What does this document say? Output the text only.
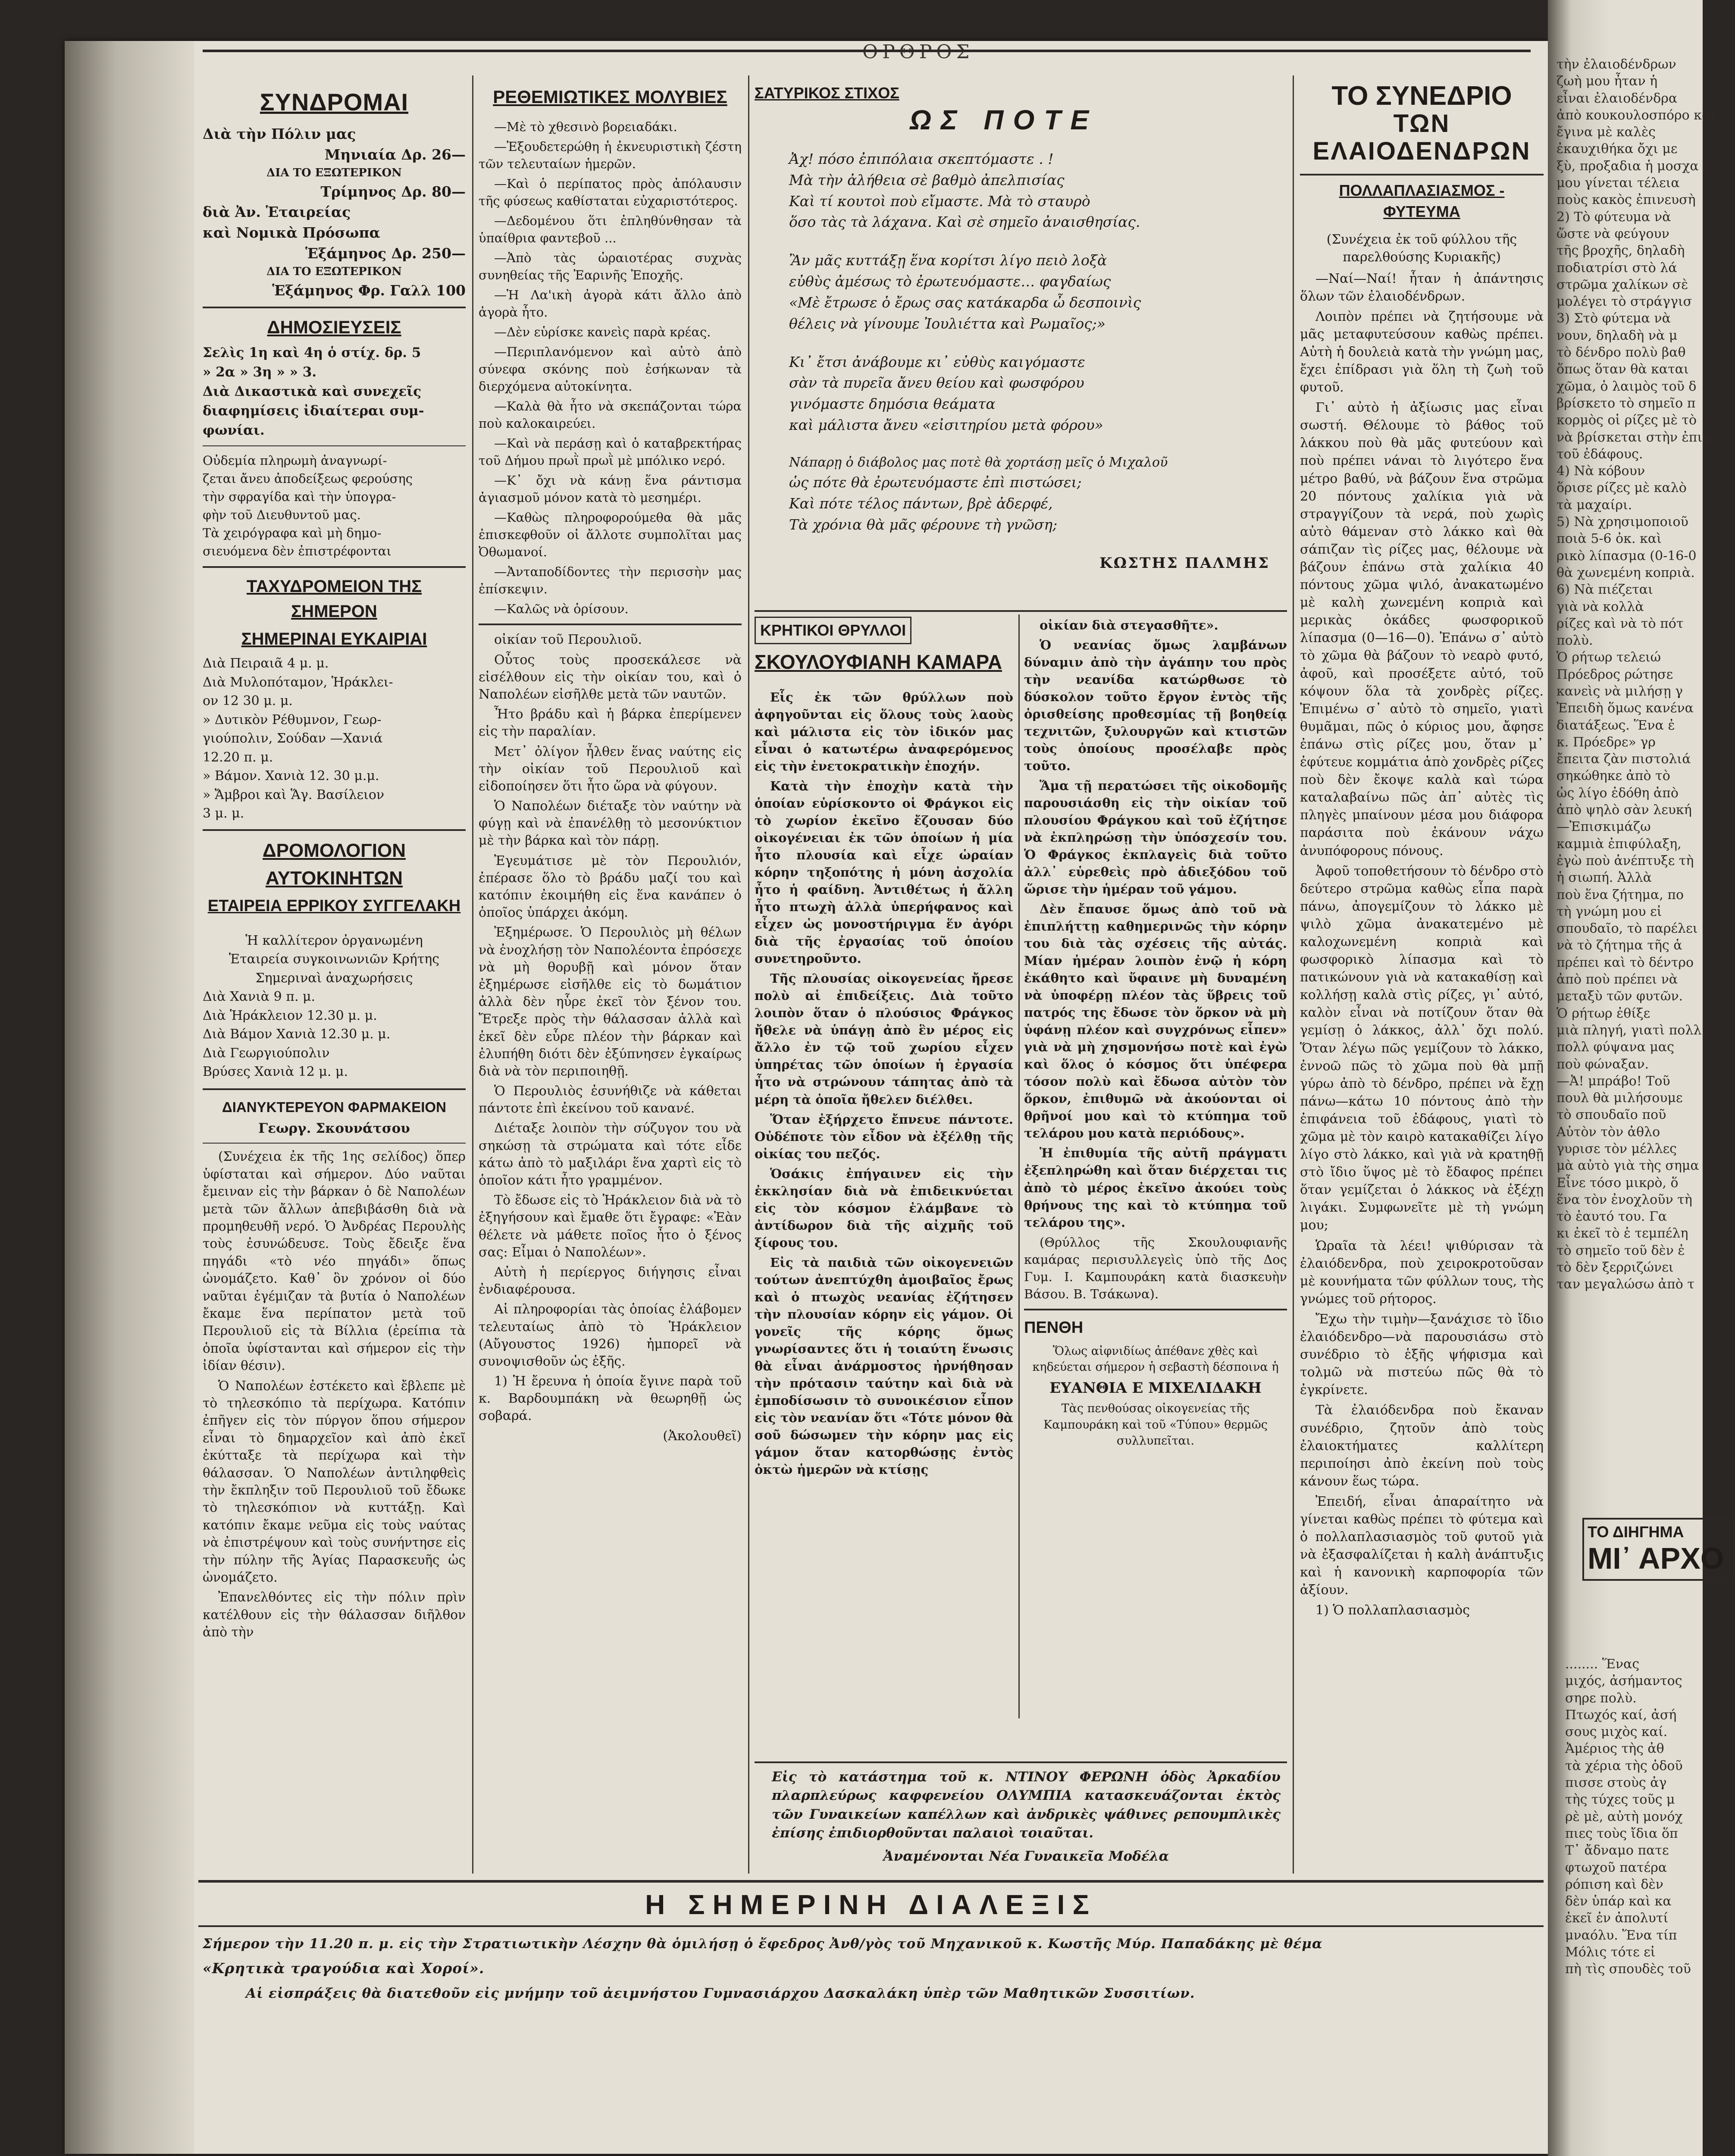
ΣΥΝΔΡΟΜΑΙ
Διὰ τὴν Πόλιν μας
Μηνιαία Δρ. 26—
ΔΙΑ ΤΟ ΕΞΩΤΕΡΙΚΟΝ
Τρίμηνος Δρ. 80—
διὰ Ἀν. Ἑταιρείας
καὶ Νομικὰ Πρόσωπα
Ἑξάμηνος Δρ. 250—
ΔΙΑ ΤΟ ΕΞΩΤΕΡΙΚΟΝ
Ἑξάμηνος Φρ. Γαλλ 100
ΔΗΜΟΣΙΕΥΣΕΙΣ
Σελὶς 1η καὶ 4η ὁ στίχ. δρ. 5
» 2α » 3η » » 3.
Διὰ Δικαστικὰ καὶ συνεχεῖς
διαφημίσεις ἰδιαίτεραι συμ-
φωνίαι.
Οὐδεμία πληρωμὴ ἀναγνωρί-
ζεται ἄνευ ἀποδείξεως φερούσης
τὴν σφραγίδα καὶ τὴν ὑπογρα-
φὴν τοῦ Διευθυντοῦ μας.
Τὰ χειρόγραφα καὶ μὴ δημο-
σιευόμενα δὲν ἐπιστρέφονται
ΤΑΧΥΔΡΟΜΕΙΟΝ ΤΗΣ ΣΗΜΕΡΟΝ
ΣΗΜΕΡΙΝΑΙ ΕΥΚΑΙΡΙΑΙ
Διὰ Πειραιᾶ 4 μ. μ.
Διὰ Μυλοπόταμον, Ἡράκλει-
ον 12 30 μ. μ.
» Δυτικὸν Ρέθυμνον, Γεωρ-
γιούπολιν, Σούδαν —Χανιά
12.20 π. μ.
» Βάμον. Χανιὰ 12. 30 μ.μ.
» Ἄμβροι καὶ Ἅγ. Βασίλειον
3 μ. μ.
ΔΡΟΜΟΛΟΓΙΟΝ ΑΥΤΟΚΙΝΗΤΩΝ
ΕΤΑΙΡΕΙΑ ΕΡΡΙΚΟΥ ΣΥΓΓΕΛΑΚΗ
Ἡ καλλίτερον ὀργανωμένη
Ἑταιρεία συγκοινωνιῶν Κρήτης
Σημεριναὶ ἀναχωρήσεις
Διὰ Χανιὰ 9 π. μ.
Διὰ Ἡράκλειον 12.30 μ. μ.
Διὰ Βάμον Χανιὰ 12.30 μ. μ.
Διὰ Γεωργιούπολιν
Βρύσες Χανιὰ 12 μ. μ.
ΔΙΑΝΥΚΤΕΡΕΥΟΝ ΦΑΡΜΑΚΕΙΟΝ
Γεωργ. Σκουνάτσου

(Συνέχεια ἐκ τῆς 1ης σελίδος) ὅπερ ὑφίσταται καὶ σήμερον. Δύο ναῦται ἔμειναν εἰς τὴν βάρκαν ὁ δὲ Ναπολέων μετὰ τῶν ἄλλων ἀπεβιβάσθη διὰ νὰ προμηθευθῆ νερό. Ὁ Ἀνδρέας Περουλὴς τοὺς ἐσυνώδευσε. Τοὺς ἔδειξε ἕνα πηγάδι «τὸ νέο πηγάδι» ὅπως ὠνομάζετο. Καθ᾽ ὃν χρόνον οἱ δύο ναῦται ἐγέμιζαν τὰ βυτία ὁ Ναπολέων ἔκαμε ἕνα περίπατον μετὰ τοῦ Περουλιοῦ εἰς τὰ Βίλλια (ἐρείπια τὰ ὁποῖα ὑφίστανται καὶ σήμερον εἰς τὴν ἰδίαν θέσιν).

Ὁ Ναπολέων ἐστέκετο καὶ ἔβλεπε μὲ τὸ τηλεσκόπιο τὰ περίχωρα. Κατόπιν ἐπῆγεν εἰς τὸν πύργον ὅπου σήμερον εἶναι τὸ δημαρχεῖον καὶ ἀπὸ ἐκεῖ ἐκύτταξε τὰ περίχωρα καὶ τὴν θάλασσαν. Ὁ Ναπολέων ἀντιληφθεὶς τὴν ἔκπληξιν τοῦ Περουλιοῦ τοῦ ἔδωκε τὸ τηλεσκόπιον νὰ κυττάξῃ. Καὶ κατόπιν ἔκαμε νεῦμα εἰς τοὺς ναύτας νὰ ἐπιστρέψουν καὶ τοὺς συνήντησε εἰς τὴν πύλην τῆς Ἁγίας Παρασκευῆς ὡς ὠνομάζετο.

Ἐπανελθόντες εἰς τὴν πόλιν πρὶν κατέλθουν εἰς τὴν θάλασσαν διῆλθον ἀπὸ τὴν

ΡΕΘΕΜΙΩΤΙΚΕΣ ΜΟΛΥΒΙΕΣ

—Μὲ τὸ χθεσινὸ βορειαδάκι.

—Ἐξουδετερώθη ἡ ἐκνευριστικὴ ζέστη τῶν τελευταίων ἡμερῶν.

—Καὶ ὁ περίπατος πρὸς ἀπόλαυσιν τῆς φύσεως καθίσταται εὐχαριστότερος.

—Δεδομένου ὅτι ἐπληθύνθησαν τὰ ὑπαίθρια φαντεβοῦ ...

—Ἀπὸ τὰς ὡραιοτέρας συχνὰς συνηθείας τῆς Ἐαρινῆς Ἐποχῆς.

—Ἡ Λα'ικὴ ἀγορὰ κάτι ἄλλο ἀπὸ ἀγορὰ ἦτο.

—Δὲν εὑρίσκε κανεὶς παρὰ κρέας.

—Περιπλανόμενον καὶ αὐτὸ ἀπὸ σύνεφα σκόνης ποὺ ἐσήκωναν τὰ διερχόμενα αὐτοκίνητα.

—Καλὰ θὰ ἦτο νὰ σκεπάζονται τώρα ποὺ καλοκαιρεύει.

—Καὶ νὰ περάσῃ καὶ ὁ καταβρεκτήρας τοῦ Δήμου πρωῒ πρωῒ μὲ μπόλικο νερό.

—Κ᾽ ὄχι νὰ κάνῃ ἕνα ράντισμα ἀγιασμοῦ μόνον κατὰ τὸ μεσημέρι.

—Καθὼς πληροφορούμεθα θὰ μᾶς ἐπισκεφθοῦν οἱ ἄλλοτε συμπολῖται μας Ὀθωμανοί.

—Ἀνταποδίδοντες τὴν περισσὴν μας ἐπίσκεψιν.

—Καλῶς νὰ ὁρίσουν.

οἰκίαν τοῦ Περουλιοῦ.

Οὗτος τοὺς προσεκάλεσε νὰ εἰσέλθουν εἰς τὴν οἰκίαν του, καὶ ὁ Ναπολέων εἰσῆλθε μετὰ τῶν ναυτῶν.

Ἦτο βράδυ καὶ ἡ βάρκα ἐπερίμενεν εἰς τὴν παραλίαν.

Μετ᾽ ὀλίγον ἦλθεν ἕνας ναύτης εἰς τὴν οἰκίαν τοῦ Περουλιοῦ καὶ εἰδοποίησεν ὅτι ἦτο ὥρα νὰ φύγουν.

Ὁ Ναπολέων διέταξε τὸν ναύτην νὰ φύγῃ καὶ νὰ ἐπανέλθῃ τὸ μεσονύκτιον μὲ τὴν βάρκα καὶ τὸν πάρῃ.

Ἐγευμάτισε μὲ τὸν Περουλιόν, ἐπέρασε ὅλο τὸ βράδυ μαζί του καὶ κατόπιν ἐκοιμήθη εἰς ἕνα κανάπεν ὁ ὁποῖος ὑπάρχει ἀκόμη.

Ἐξημέρωσε. Ὁ Περουλιὸς μὴ θέλων νὰ ἐνοχλήσῃ τὸν Ναπολέοντα ἐπρόσεχε νὰ μὴ θορυβῇ καὶ μόνον ὅταν ἐξημέρωσε εἰσῆλθε εἰς τὸ δωμάτιον ἀλλὰ δὲν ηὗρε ἐκεῖ τὸν ξένον του. Ἔτρεξε πρὸς τὴν θάλασσαν ἀλλὰ καὶ ἐκεῖ δὲν εὗρε πλέον τὴν βάρκαν καὶ ἐλυπήθη διότι δὲν ἐξύπνησεν ἐγκαίρως διὰ νὰ τὸν περιποιηθῇ.

Ὁ Περουλιὸς ἐσυνήθιζε νὰ κάθεται πάντοτε ἐπὶ ἐκείνου τοῦ κανανέ.

Διέταξε λοιπὸν τὴν σύζυγον του νὰ σηκώσῃ τὰ στρώματα καὶ τότε εἶδε κάτω ἀπὸ τὸ μαξιλάρι ἕνα χαρτὶ εἰς τὸ ὁποῖον κάτι ἦτο γραμμένον.

Τὸ ἔδωσε εἰς τὸ Ἡράκλειον διὰ νὰ τὸ ἐξηγήσουν καὶ ἔμαθε ὅτι ἔγραφε: «Ἐὰν θέλετε νὰ μάθετε ποῖος ἦτο ὁ ξένος σας: Εἶμαι ὁ Ναπολέων».

Αὐτὴ ἡ περίεργος διήγησις εἶναι ἐνδιαφέρουσα.

Αἱ πληροφορίαι τὰς ὁποίας ἐλάβομεν τελευταίως ἀπὸ τὸ Ἡράκλειον (Αὔγουστος 1926) ἠμπορεῖ νὰ συνοψισθοῦν ὡς ἑξῆς.

1) Ἡ ἔρευνα ἡ ὁποία ἔγινε παρὰ τοῦ κ. Βαρδουμπάκη νὰ θεωρηθῇ ὡς σοβαρά.

(Ἀκολουθεῖ)
ΣΑΤΥΡΙΚΟΣ ΣΤΙΧΟΣ
ΩΣ ΠΟΤΕ
Ἀχ! πόσο ἐπιπόλαια σκεπτόμαστε . !
Μὰ τὴν ἀλήθεια σὲ βαθμὸ ἀπελπισίας
Καὶ τί κουτοὶ ποὺ εἴμαστε. Μὰ τὸ σταυρὸ
ὅσο τὰς τὰ λάχανα. Καὶ σὲ σημεῖο ἀναισθησίας.
Ἂν μᾶς κυττάξῃ ἕνα κορίτσι λίγο πειὸ λοξὰ
εὐθὺς ἀμέσως τὸ ἐρωτευόμαστε… φαγδαίως
«Μὲ ἔτρωσε ὁ ἔρως σας κατάκαρδα ὦ δεσποινὶς
θέλεις νὰ γίνουμε Ἰουλιέττα καὶ Ρωμαῖος;»
Κι᾽ ἔτσι ἀνάβουμε κι᾽ εὐθὺς καιγόμαστε
σὰν τὰ πυρεῖα ἄνευ θείου καὶ φωσφόρου
γινόμαστε δημόσια θεάματα
καὶ μάλιστα ἄνευ «εἰσιτηρίου μετὰ φόρου»
Νάπαρῃ ὁ διάβολος μας ποτὲ θὰ χορτάσῃ μεῖς ὁ Μιχαλοῦ
ὡς πότε θὰ ἐρωτευόμαστε ἐπὶ πιστώσει;
Καὶ πότε τέλος πάντων, βρὲ ἀδερφέ,
Τὰ χρόνια θὰ μᾶς φέρουνε τὴ γνῶση;
ΚΩΣΤΗΣ ΠΑΛΜΗΣ
ΚΡΗΤΙΚΟΙ ΘΡΥΛΛΟΙ
ΣΚΟΥΛΟΥΦΙΑΝΗ ΚΑΜΑΡΑ

Εἷς ἐκ τῶν θρύλλων ποὺ ἀφηγοῦνται εἰς ὅλους τοὺς λαοὺς καὶ μάλιστα εἰς τὸν ἰδικόν μας εἶναι ὁ κατωτέρω ἀναφερόμενος εἰς τὴν ἐνετοκρατικὴν ἐποχήν.

Κατὰ τὴν ἐποχὴν κατὰ τὴν ὁποίαν εὑρίσκοντο οἱ Φράγκοι εἰς τὸ χωρίον ἐκεῖνο ἔζουσαν δύο οἰκογένειαι ἐκ τῶν ὁποίων ἡ μία ἦτο πλουσία καὶ εἶχε ὡραίαν κόρην τηξοπότης ἡ μόνη ἀσχολία ἦτο ἡ φαίδνη. Ἀντιθέτως ἡ ἄλλη ἦτο πτωχὴ ἀλλὰ ὑπερήφανος καὶ εἶχεν ὡς μονοστήριγμα ἕν ἀγόρι διὰ τῆς ἐργασίας τοῦ ὁποίου συνετηροῦντο.

Τῆς πλουσίας οἰκογενείας ἤρεσε πολὺ αἱ ἐπιδείξεις. Διὰ τοῦτο λοιπὸν ὅταν ὁ πλούσιος Φράγκος ἤθελε νὰ ὑπάγῃ ἀπὸ ἓν μέρος εἰς ἄλλο ἐν τῷ τοῦ χωρίου εἶχεν ὑπηρέτας τῶν ὁποίων ἡ ἐργασία ἦτο νὰ στρώνουν τάπητας ἀπὸ τὰ μέρη τὰ ὁποῖα ἤθελεν διέλθει.

Ὅταν ἐξήρχετο ἔπνευε πάντοτε. Οὐδέποτε τὸν εἶδον νὰ ἐξέλθῃ τῆς οἰκίας του πεζός.

Ὁσάκις ἐπήγαινεν εἰς τὴν ἐκκλησίαν διὰ νὰ ἐπιδεικνύεται εἰς τὸν κόσμον ἐλάμβανε τὸ ἀντίδωρον διὰ τῆς αἰχμῆς τοῦ ξίφους του.

Εἰς τὰ παιδιὰ τῶν οἰκογενειῶν τούτων ἀνεπτύχθη ἀμοιβαῖος ἔρως καὶ ὁ πτωχὸς νεανίας ἐζήτησεν τὴν πλουσίαν κόρην εἰς γάμον. Οἱ γονεῖς τῆς κόρης ὅμως γνωρίσαντες ὅτι ἡ τοιαύτη ἕνωσις θὰ εἶναι ἀνάρμοστος ἠρνήθησαν τὴν πρότασιν ταύτην καὶ διὰ νὰ ἐμποδίσωσιν τὸ συνοικέσιον εἶπον εἰς τὸν νεανίαν ὅτι «Τότε μόνον θὰ σοῦ δώσωμεν τὴν κόρην μας εἰς γάμον ὅταν κατορθώσῃς ἐντὸς ὀκτὼ ἡμερῶν νὰ κτίσῃς

οἰκίαν διὰ στεγασθῆτε».

Ὁ νεανίας ὅμως λαμβάνων δύναμιν ἀπὸ τὴν ἀγάπην του πρὸς τὴν νεανίδα κατώρθωσε τὸ δύσκολον τοῦτο ἔργον ἐντὸς τῆς ὁρισθείσης προθεσμίας τῇ βοηθείᾳ τεχνιτῶν, ξυλουργῶν καὶ κτιστῶν τοὺς ὁποίους προσέλαβε πρὸς τοῦτο.

Ἅμα τῇ περατώσει τῆς οἰκοδομῆς παρουσιάσθη εἰς τὴν οἰκίαν τοῦ πλουσίου Φράγκου καὶ τοῦ ἐζήτησε νὰ ἐκπληρώσῃ τὴν ὑπόσχεσίν του. Ὁ Φράγκος ἐκπλαγεὶς διὰ τοῦτο ἀλλ᾽ εὑρεθεὶς πρὸ ἀδιεξόδου τοῦ ὥρισε τὴν ἡμέραν τοῦ γάμου.

Δὲν ἔπαυσε ὅμως ἀπὸ τοῦ νὰ ἐπιπλήττῃ καθημερινῶς τὴν κόρην του διὰ τὰς σχέσεις τῆς αὐτάς. Μίαν ἡμέραν λοιπὸν ἐνῷ ἡ κόρη ἐκάθητο καὶ ὕφαινε μὴ δυναμένη νὰ ὑποφέρῃ πλέον τὰς ὕβρεις τοῦ πατρός της ἔδωσε τὸν ὅρκον νὰ μὴ ὑφάνῃ πλέον καὶ συγχρόνως εἶπεν» γιὰ νὰ μὴ χησμονήσω ποτὲ καὶ ἐγὼ καὶ ὅλος ὁ κόσμος ὅτι ὑπέφερα τόσον πολὺ καὶ ἔδωσα αὐτὸν τὸν ὅρκον, ἐπιθυμῶ νὰ ἀκούονται οἱ θρῆνοί μου καὶ τὸ κτύπημα τοῦ τελάρου μου κατὰ περιόδους».

Ἡ ἐπιθυμία τῆς αὐτῆ πράγματι ἐξεπληρώθη καὶ ὅταν διέρχεται τις ἀπὸ τὸ μέρος ἐκεῖνο ἀκούει τοὺς θρήνους της καὶ τὸ κτύπημα τοῦ τελάρου της».

(Θρύλλος τῆς Σκουλουφιανῆς καμάρας περισυλλεγεὶς ὑπὸ τῆς Δος Γυμ. Ι. Καμπουράκη κατὰ διασκευὴν Βάσου. Β. Τσάκωνα).

ΠΕΝΘΗ
Ὅλως αἰφνιδίως ἀπέθανε χθὲς καὶ κηδεύεται σήμερον ἡ σεβαστὴ δέσποινα ἡ
ΕΥΑΝΘΙΑ Ε ΜΙΧΕΛΙΔΑΚΗ
Τὰς πενθούσας οἰκογενείας τῆς Καμπουράκη καὶ τοῦ «Τύπου» θερμῶς συλλυπεῖται.
Εἰς τὸ κατάστημα τοῦ κ. ΝΤΙΝΟΥ ΦΕΡΩΝΗ ὁδὸς Ἀρκαδίου πλαρπλεύρως καφφενείου ΟΛΥΜΠΙΑ κατασκευάζονται ἐκτὸς τῶν Γυναικείων καπέλλων καὶ ἀνδρικὲς ψάθινες ρεπουμπλικὲς ἐπίσης ἐπιδιορθοῦνται παλαιοὶ τοιαῦται.
Ἀναμένονται Νέα Γυναικεῖα Μοδέλα
ΤΟ ΣΥΝΕΔΡΙΟ
ΤΩΝ ΕΛΑΙΟΔΕΝΔΡΩΝ
ΠΟΛΛΑΠΛΑΣΙΑΣΜΟΣ - ΦΥΤΕΥΜΑ
(Συνέχεια ἐκ τοῦ φύλλου τῆς παρελθούσης Κυριακῆς)

—Ναί—Ναί! ἦταν ἡ ἀπάντησις ὅλων τῶν ἐλαιοδένδρων.

Λοιπὸν πρέπει νὰ ζητήσουμε νὰ μᾶς μεταφυτεύσουν καθὼς πρέπει. Αὐτὴ ἡ δουλειὰ κατὰ τὴν γνώμη μας, ἔχει ἐπίδρασι γιὰ ὅλη τὴ ζωὴ τοῦ φυτοῦ.

Γι᾽ αὐτὸ ἡ ἀξίωσις μας εἶναι σωστή. Θέλουμε τὸ βάθος τοῦ λάκκου ποὺ θὰ μᾶς φυτεύουν καὶ ποὺ πρέπει νάναι τὸ λιγότερο ἕνα μέτρο βαθύ, νὰ βάζουν ἕνα στρῶμα 20 πόντους χαλίκια γιὰ νὰ στραγγίζουν τὰ νερά, ποὺ χωρὶς αὐτὸ θάμεναν στὸ λάκκο καὶ θὰ σάπιζαν τὶς ρίζες μας, θέλουμε νὰ βάζουν ἐπάνω στὰ χαλίκια 40 πόντους χῶμα ψιλό, ἀνακατωμένο μὲ καλὴ χωνεμένη κοπριὰ καὶ μερικὰς ὀκάδες φωσφορικοῦ λίπασμα (0—16—0). Ἐπάνω σ᾽ αὐτὸ τὸ χῶμα θὰ βάζουν τὸ νεαρὸ φυτό, ἀφοῦ, καὶ προσέξετε αὐτό, τοῦ κόψουν ὅλα τὰ χονδρὲς ρίζες. Ἐπιμένω σ᾽ αὐτὸ τὸ σημεῖο, γιατὶ θυμᾶμαι, πῶς ὁ κύριος μου, ἄφησε ἐπάνω στὶς ρίζες μου, ὅταν μ᾽ ἐφύτευε κομμάτια ἀπὸ χονδρὲς ρίζες ποὺ δὲν ἔκοψε καλὰ καὶ τώρα καταλαβαίνω πῶς ἀπ᾽ αὐτὲς τὶς πληγὲς μπαίνουν μέσα μου διάφορα παράσιτα ποὺ ἐκάνουν νάχω ἀνυπόφορους πόνους.

Ἀφοῦ τοποθετήσουν τὸ δένδρο στὸ δεύτερο στρῶμα καθὼς εἶπα παρὰ πάνω, ἀπογεμίζουν τὸ λάκκο μὲ ψιλὸ χῶμα ἀνακατεμένο μὲ καλοχωνεμένη κοπριὰ καὶ φωσφορικὸ λίπασμα καὶ τὸ πατικώνουν γιὰ νὰ κατακαθίσῃ καὶ κολλήσῃ καλὰ στὶς ρίζες, γι᾽ αὐτό, καλὸν εἶναι νὰ ποτίζουν ὅταν θὰ γεμίσῃ ὁ λάκκος, ἀλλ᾽ ὄχι πολύ. Ὅταν λέγω πῶς γεμίζουν τὸ λάκκο, ἐννοῶ πῶς τὸ χῶμα ποὺ θὰ μπῇ γύρω ἀπὸ τὸ δένδρο, πρέπει νὰ ἔχῃ πάνω—κάτω 10 πόντους ἀπὸ τὴν ἐπιφάνεια τοῦ ἐδάφους, γιατὶ τὸ χῶμα μὲ τὸν καιρὸ κατακαθίζει λίγο λίγο στὸ λάκκο, καὶ γιὰ νὰ κρατηθῇ στὸ ἴδιο ὕψος μὲ τὸ ἔδαφος πρέπει ὅταν γεμίζεται ὁ λάκκος νὰ ἐξέχῃ λιγάκι. Συμφωνεῖτε μὲ τὴ γνώμη μου;

Ὡραῖα τὰ λέει! ψιθύρισαν τὰ ἐλαιόδενδρα, ποὺ χειροκροτοῦσαν μὲ κουνήματα τῶν φύλλων τους, τὴς γνώμες τοῦ ρήτορος.

Ἔχω τὴν τιμὴν—ξανάχισε τὸ ἴδιο ἐλαιόδενδρο—νὰ παρουσιάσω στὸ συνέδριο τὸ ἑξῆς ψήφισμα καὶ τολμῶ νὰ πιστεύω πῶς θὰ τὸ ἐγκρίνετε.

Τὰ ἐλαιόδενδρα ποὺ ἔκαναν συνέδριο, ζητοῦν ἀπὸ τοὺς ἐλαιοκτήματες καλλίτερη περιποίησι ἀπὸ ἐκείνη ποὺ τοὺς κάνουν ἕως τώρα.

Ἐπειδή, εἶναι ἀπαραίτητο νὰ γίνεται καθὼς πρέπει τὸ φύτεμα καὶ ὁ πολλαπλασιασμὸς τοῦ φυτοῦ γιὰ νὰ ἐξασφαλίζεται ἡ καλὴ ἀνάπτυξις καὶ ἡ κανονικὴ καρποφορία τῶν ἀξίουν.

1) Ὁ πολλαπλασιασμὸς

Η ΣΗΜΕΡΙΝΗ ΔΙΑΛΕΞΙΣ
Σήμερον τὴν 11.20 π. μ. εἰς τὴν Στρατιωτικὴν Λέσχην θὰ ὁμιλήσῃ ὁ ἔφεδρος Ἀνθ/γὸς τοῦ Μηχανικοῦ κ. Κωστῆς Μύρ. Παπαδάκης μὲ θέμα
«Κρητικὰ τραγούδια καὶ Χοροί».
Αἱ εἰσπράξεις θὰ διατεθοῦν εἰς μνήμην τοῦ ἀειμνήστου Γυμνασιάρχου Δασκαλάκη ὑπὲρ τῶν Μαθητικῶν Συσσιτίων.
τὴν ἐλαιοδένδρων
ζωὴ μου ἦταν ἡ
εἶναι ἐλαιοδένδρα
ἀπὸ κουκουλοσπόρο καὶ
ἔγινα μὲ καλὲς
ἐκαυχιθήκα ὄχι με
ξὺ, προξαδια ἡ μοσχα
μου γίνεται τέλεια
ποὺς κακὸς ἐπινευσὴ
2) Τὸ φύτευμα νὰ
ὥστε νὰ φεύγουν
τῆς βροχῆς, δηλαδὴ
ποδιατρίσι στὸ λά
στρῶμα χαλίκων σὲ
μολέγει τὸ στράγγισ
3) Στὸ φύτεμα νὰ
νουν, δηλαδὴ νὰ μ
τὸ δένδρο πολὺ βαθ
ὅπως ὅταν θὰ καται
χῶμα, ὁ λαιμὸς τοῦ δ
βρίσκετο τὸ σημεῖο π
κορμὸς οἱ ρίζες μὲ τὸ
νὰ βρίσκεται στὴν ἐπιφ
τοῦ ἐδάφους.
4) Νὰ κόβουν
ὅρισε ρίζες μὲ καλὸ
τὰ μαχαίρι.
5) Νὰ χρησιμοποιοῦ
ποιὰ 5-6 ὀκ. καὶ
ρικὸ λίπασμα (0-16-0
θὰ χωνεμένη κοπριὰ.
6) Νὰ πιέζεται
γιὰ νὰ κολλὰ
ρίζες καὶ νὰ τὸ πότ
πολὺ.
Ὁ ρήτωρ τελειώ
Πρόεδρος ρώτησε
κανεὶς νὰ μιλήσῃ γ
Ἐπειδὴ ὅμως κανένα
διατάξεως. Ἕνα ἐ
κ. Πρόεδρε» γρ
ἔπειτα ζὰν πιστολιά
σηκώθηκε ἀπὸ τὸ
ὡς λίγο ἐδόθη ἀπὸ
ἀπὸ ψηλὸ σὰν λευκή
—Ἐπισκιμάζω
καμμιὰ ἐπιφύλαξη,
ἐγὼ ποὺ ἀνέπτυξε τὴ
ἡ σιωπή. Ἀλλὰ
ποὺ ἕνα ζήτημα, πο
τὴ γνώμη μου εἰ
σπουδαῖο, τὸ παρέλει
νὰ τὸ ζήτημα τῆς ἁ
πρέπει καὶ τὸ δέντρο
ἀπὸ ποὺ πρέπει νὰ
μεταξὺ τῶν φυτῶν.
Ὁ ρήτωρ ἐθίξε
μιὰ πληγή, γιατὶ πολλ
πολλ φύψανα μας
ποὺ φώναξαν.
—Ἀ! μπράβο! Τοῦ
πουλ θὰ μιλήσουμε
τὸ σπουδαῖο ποῦ
Αὐτὸν τὸν ἀθλο
γυρισε τὸν μέλλες
μὰ αὐτὸ γιὰ τὴς σημα
Εἶνε τόσο μικρὸ, ὅ
ἕνα τὸν ἐνοχλοῦν τὴ
τὸ ἑαυτό του. Γα
κι ἐκεῖ τὸ ἑ τεμπέλη
τὸ σημεῖο τοῦ δὲν ἐ
τὸ δὲν ξερριζώνει
ταν μεγαλώσω ἀπὸ τ
ΤΟ ΔΙΗΓΗΜΑ
ΜΙ᾽ ΑΡΧΟ
........ Ἕνας
μιχός, ἀσήμαντος
σηρε πολὺ.
Πτωχός καί, ἀσή
σους μιχὸς καί.
Ἀμέριος τὴς ἀθ
τὰ χέρια τὴς ὁδοῦ
πισσε στοὺς ἀγ
τὴς τύχες τοῦς μ
ρὲ μὲ, αὐτὴ μονόχ
πιες τοὺς ἴδια ὅπ
Τ᾽ ἄδναμο πατε
φτωχοῦ πατέρα
ρόπιση καὶ δὲν
δὲν ὑπάρ καὶ κα
ἐκεῖ ἐν ἀπολυτί
μναόλυ. Ἕνα τίπ
Μόλις τότε εἰ
πὴ τὶς σπουδὲς τοῦ
